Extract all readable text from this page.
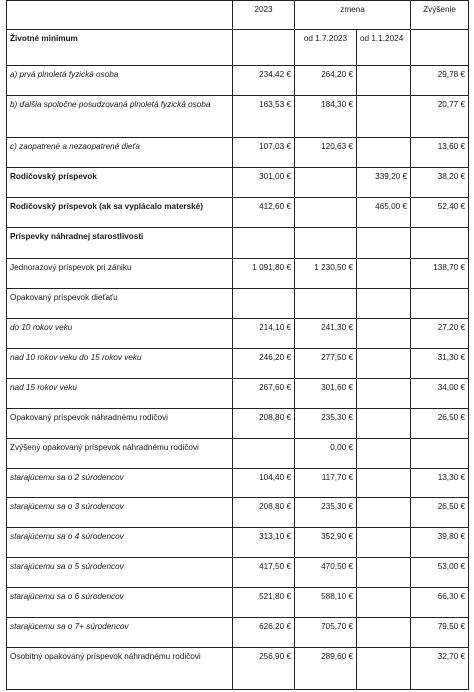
	2023	zmena		Zvýšenie
Životné minimum		od 1.7.2023	od 1.1.2024	
a) prvá plnoletá fyzická osoba	234,42 €	264,20 €		29,78 €
b) ďalšia spoločne posudzovaná plnoletá fyzická osoba	163,53 €	184,30 €		20,77 €
c) zaopatrené a nezaopatrené dieťa	107,03 €	120,63 €		13,60 €
Rodičovský príspevok	301,00 €		339,20 €	38,20 €
Rodičovský príspevok (ak sa vyplácalo materské)	412,60 €		465,00 €	52,40 €
Príspevky náhradnej starostlivosti				
Jednorazový príspevok pri zániku	1 091,80 €	1 230,50 €		138,70 €
Opakovaný príspevok dieťaťu				
do 10 rokov veku	214,10 €	241,30 €		27,20 €
nad 10 rokov veku do 15 rokov veku	246,20 €	277,50 €		31,30 €
nad 15 rokov veku	267,60 €	301,60 €		34,00 €
Opakovaný príspevok náhradnému rodičovi	208,80 €	235,30 €		26,50 €
Zvýšený opakovaný príspevok náhradnému rodičovi		0,00 €		
starajúcemu sa o 2 súrodencov	104,40 €	117,70 €		13,30 €
starajúcemu sa o 3 súrodencov	208,80 €	235,30 €		26,50 €
starajúcemu sa o 4 súrodencov	313,10 €	352,90 €		39,80 €
starajúcemu sa o 5 súrodencov	417,50 €	470,50 €		53,00 €
starajúcemu sa o 6 súrodencov	521,80 €	588,10 €		66,30 €
starajúcemu sa o 7+ súrodencov	626,20 €	705,70 €		79,50 €
Osobitný opakovaný príspevok náhradnému rodičovi	256,90 €	289,60 €		32,70 €
